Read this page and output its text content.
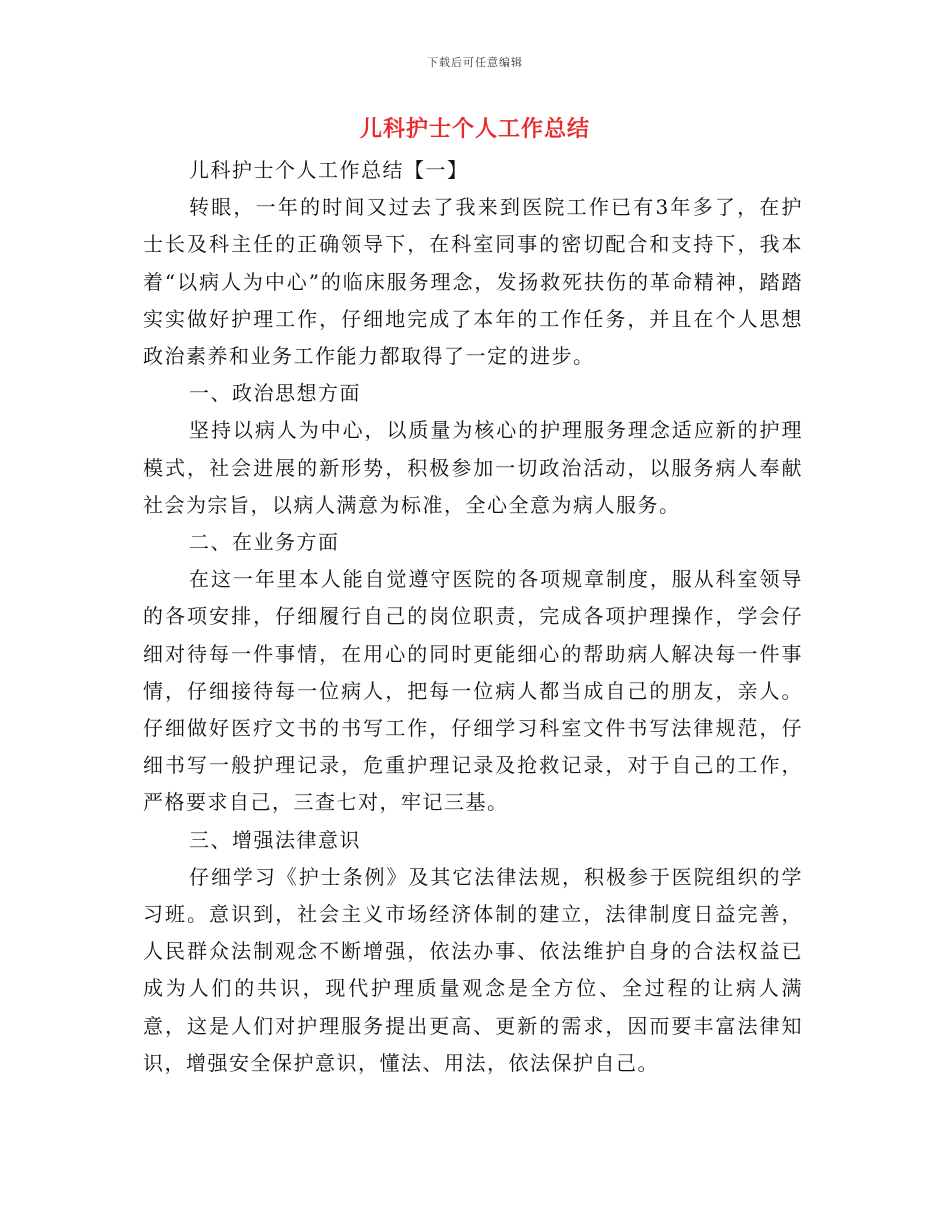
下载后可任意编辑
儿科护士个人工作总结

儿科护士个人工作总结【一】

转眼，一年的时间又过去了我来到医院工作已有3年多了，在护士长及科主任的正确领导下，在科室同事的密切配合和支持下，我本着“以病人为中心”的临床服务理念，发扬救死扶伤的革命精神，踏踏实实做好护理工作，仔细地完成了本年的工作任务，并且在个人思想政治素养和业务工作能力都取得了一定的进步。

一、政治思想方面

坚持以病人为中心，以质量为核心的护理服务理念适应新的护理模式，社会进展的新形势，积极参加一切政治活动，以服务病人奉献社会为宗旨，以病人满意为标准，全心全意为病人服务。

二、在业务方面

在这一年里本人能自觉遵守医院的各项规章制度，服从科室领导的各项安排，仔细履行自己的岗位职责，完成各项护理操作，学会仔细对待每一件事情，在用心的同时更能细心的帮助病人解决每一件事情，仔细接待每一位病人，把每一位病人都当成自己的朋友，亲人。仔细做好医疗文书的书写工作，仔细学习科室文件书写法律规范，仔细书写一般护理记录，危重护理记录及抢救记录，对于自己的工作，严格要求自己，三查七对，牢记三基。

三、增强法律意识

仔细学习《护士条例》及其它法律法规，积极参于医院组织的学习班。意识到，社会主义市场经济体制的建立，法律制度日益完善，人民群众法制观念不断增强，依法办事、依法维护自身的合法权益已成为人们的共识，现代护理质量观念是全方位、全过程的让病人满意，这是人们对护理服务提出更高、更新的需求，因而要丰富法律知识，增强安全保护意识，懂法、用法，依法保护自己。
